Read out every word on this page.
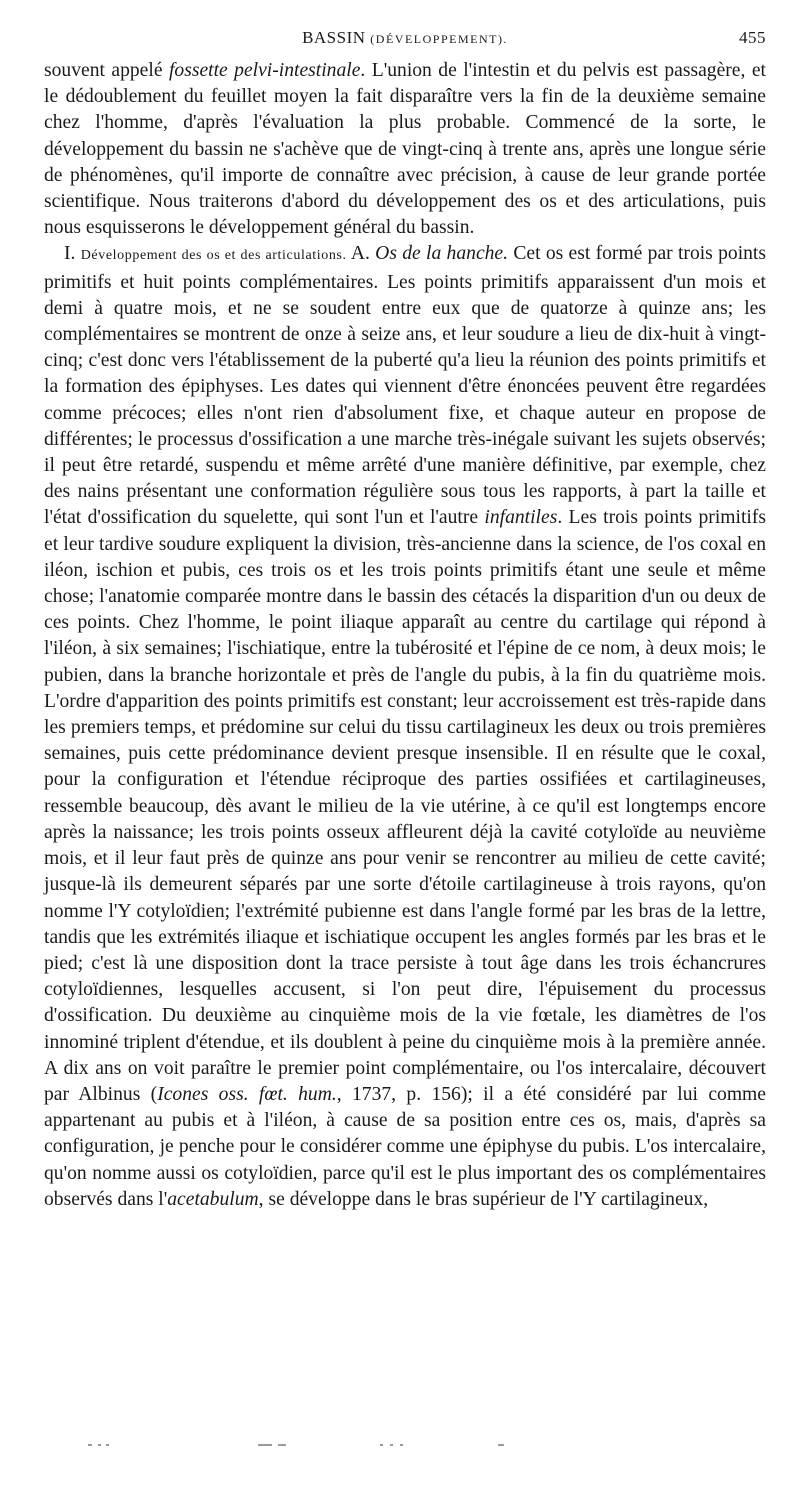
BASSIN (DÉVELOPPEMENT).	455

souvent appelé fossette pelvi-intestinale. L'union de l'intestin et du pelvis est passagère, et le dédoublement du feuillet moyen la fait disparaître vers la fin de la deuxième semaine chez l'homme, d'après l'évaluation la plus probable. Commencé de la sorte, le développement du bassin ne s'achève que de vingt-cinq à trente ans, après une longue série de phénomènes, qu'il importe de connaître avec précision, à cause de leur grande portée scientifique. Nous traiterons d'abord du développement des os et des articulations, puis nous esquisserons le développement général du bassin.

I. Développement des os et des articulations. A. Os de la hanche. Cet os est formé par trois points primitifs et huit points complémentaires. Les points primitifs apparaissent d'un mois et demi à quatre mois, et ne se soudent entre eux que de quatorze à quinze ans; les complémentaires se montrent de onze à seize ans, et leur soudure a lieu de dix-huit à vingt-cinq; c'est donc vers l'établissement de la puberté qu'a lieu la réunion des points primitifs et la formation des épiphyses. Les dates qui viennent d'être énoncées peuvent être regardées comme précoces; elles n'ont rien d'absolument fixe, et chaque auteur en propose de différentes; le processus d'ossification a une marche très-inégale suivant les sujets observés; il peut être retardé, suspendu et même arrêté d'une manière définitive, par exemple, chez des nains présentant une conformation régulière sous tous les rapports, à part la taille et l'état d'ossification du squelette, qui sont l'un et l'autre infantiles. Les trois points primitifs et leur tardive soudure expliquent la division, très-ancienne dans la science, de l'os coxal en iléon, ischion et pubis, ces trois os et les trois points primitifs étant une seule et même chose; l'anatomie comparée montre dans le bassin des cétacés la disparition d'un ou deux de ces points. Chez l'homme, le point iliaque apparaît au centre du cartilage qui répond à l'iléon, à six semaines; l'ischiatique, entre la tubérosité et l'épine de ce nom, à deux mois; le pubien, dans la branche horizontale et près de l'angle du pubis, à la fin du quatrième mois. L'ordre d'apparition des points primitifs est constant; leur accroissement est très-rapide dans les premiers temps, et prédomine sur celui du tissu cartilagineux les deux ou trois premières semaines, puis cette prédominance devient presque insensible. Il en résulte que le coxal, pour la configuration et l'étendue réciproque des parties ossifiées et cartilagineuses, ressemble beaucoup, dès avant le milieu de la vie utérine, à ce qu'il est longtemps encore après la naissance; les trois points osseux affleurent déjà la cavité cotyloïde au neuvième mois, et il leur faut près de quinze ans pour venir se rencontrer au milieu de cette cavité; jusque-là ils demeurent séparés par une sorte d'étoile cartilagineuse à trois rayons, qu'on nomme l'Y cotyloïdien; l'extrémité pubienne est dans l'angle formé par les bras de la lettre, tandis que les extrémités iliaque et ischiatique occupent les angles formés par les bras et le pied; c'est là une disposition dont la trace persiste à tout âge dans les trois échancrures cotyloïdiennes, lesquelles accusent, si l'on peut dire, l'épuisement du processus d'ossification. Du deuxième au cinquième mois de la vie fœtale, les diamètres de l'os innominé triplent d'étendue, et ils doublent à peine du cinquième mois à la première année. A dix ans on voit paraître le premier point complémentaire, ou l'os intercalaire, découvert par Albinus (Icones oss. fœt. hum., 1737, p. 156); il a été considéré par lui comme appartenant au pubis et à l'iléon, à cause de sa position entre ces os, mais, d'après sa configuration, je penche pour le considérer comme une épiphyse du pubis. L'os intercalaire, qu'on nomme aussi os cotyloïdien, parce qu'il est le plus important des os complémentaires observés dans l'acetabulum, se développe dans le bras supérieur de l'Y cartilagineux,
